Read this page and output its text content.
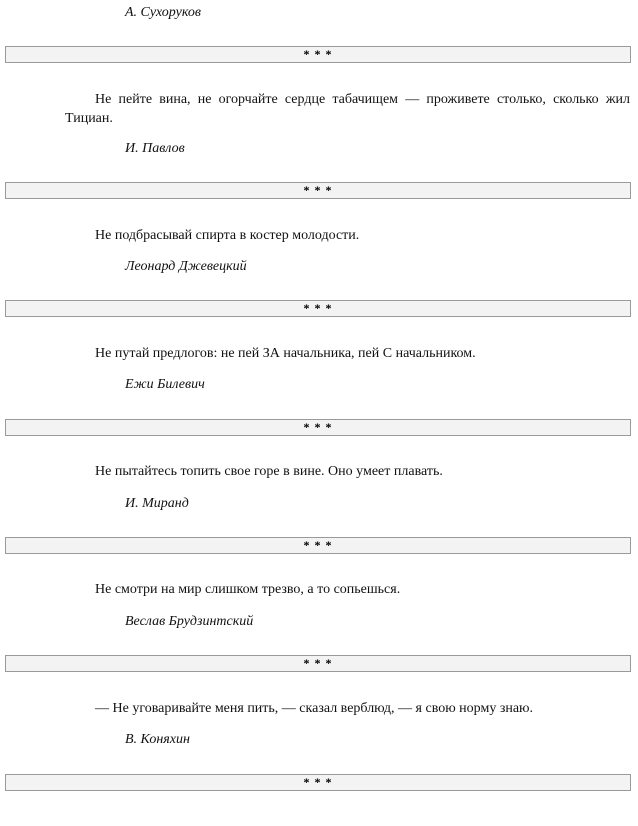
А. Сухоруков
* * *
Не пейте вина, не огорчайте сердце табачищем — проживете столько, сколько жил Тициан.
И. Павлов
* * *
Не подбрасывай спирта в костер молодости.
Леонард Джевецкий
* * *
Не путай предлогов: не пей ЗА начальника, пей С начальником.
Ежи Билевич
* * *
Не пытайтесь топить свое горе в вине. Оно умеет плавать.
И. Миранд
* * *
Не смотри на мир слишком трезво, а то сопьешься.
Веслав Брудзинтский
* * *
— Не уговаривайте меня пить, — сказал верблюд, — я свою норму знаю.
В. Коняхин
* * *
